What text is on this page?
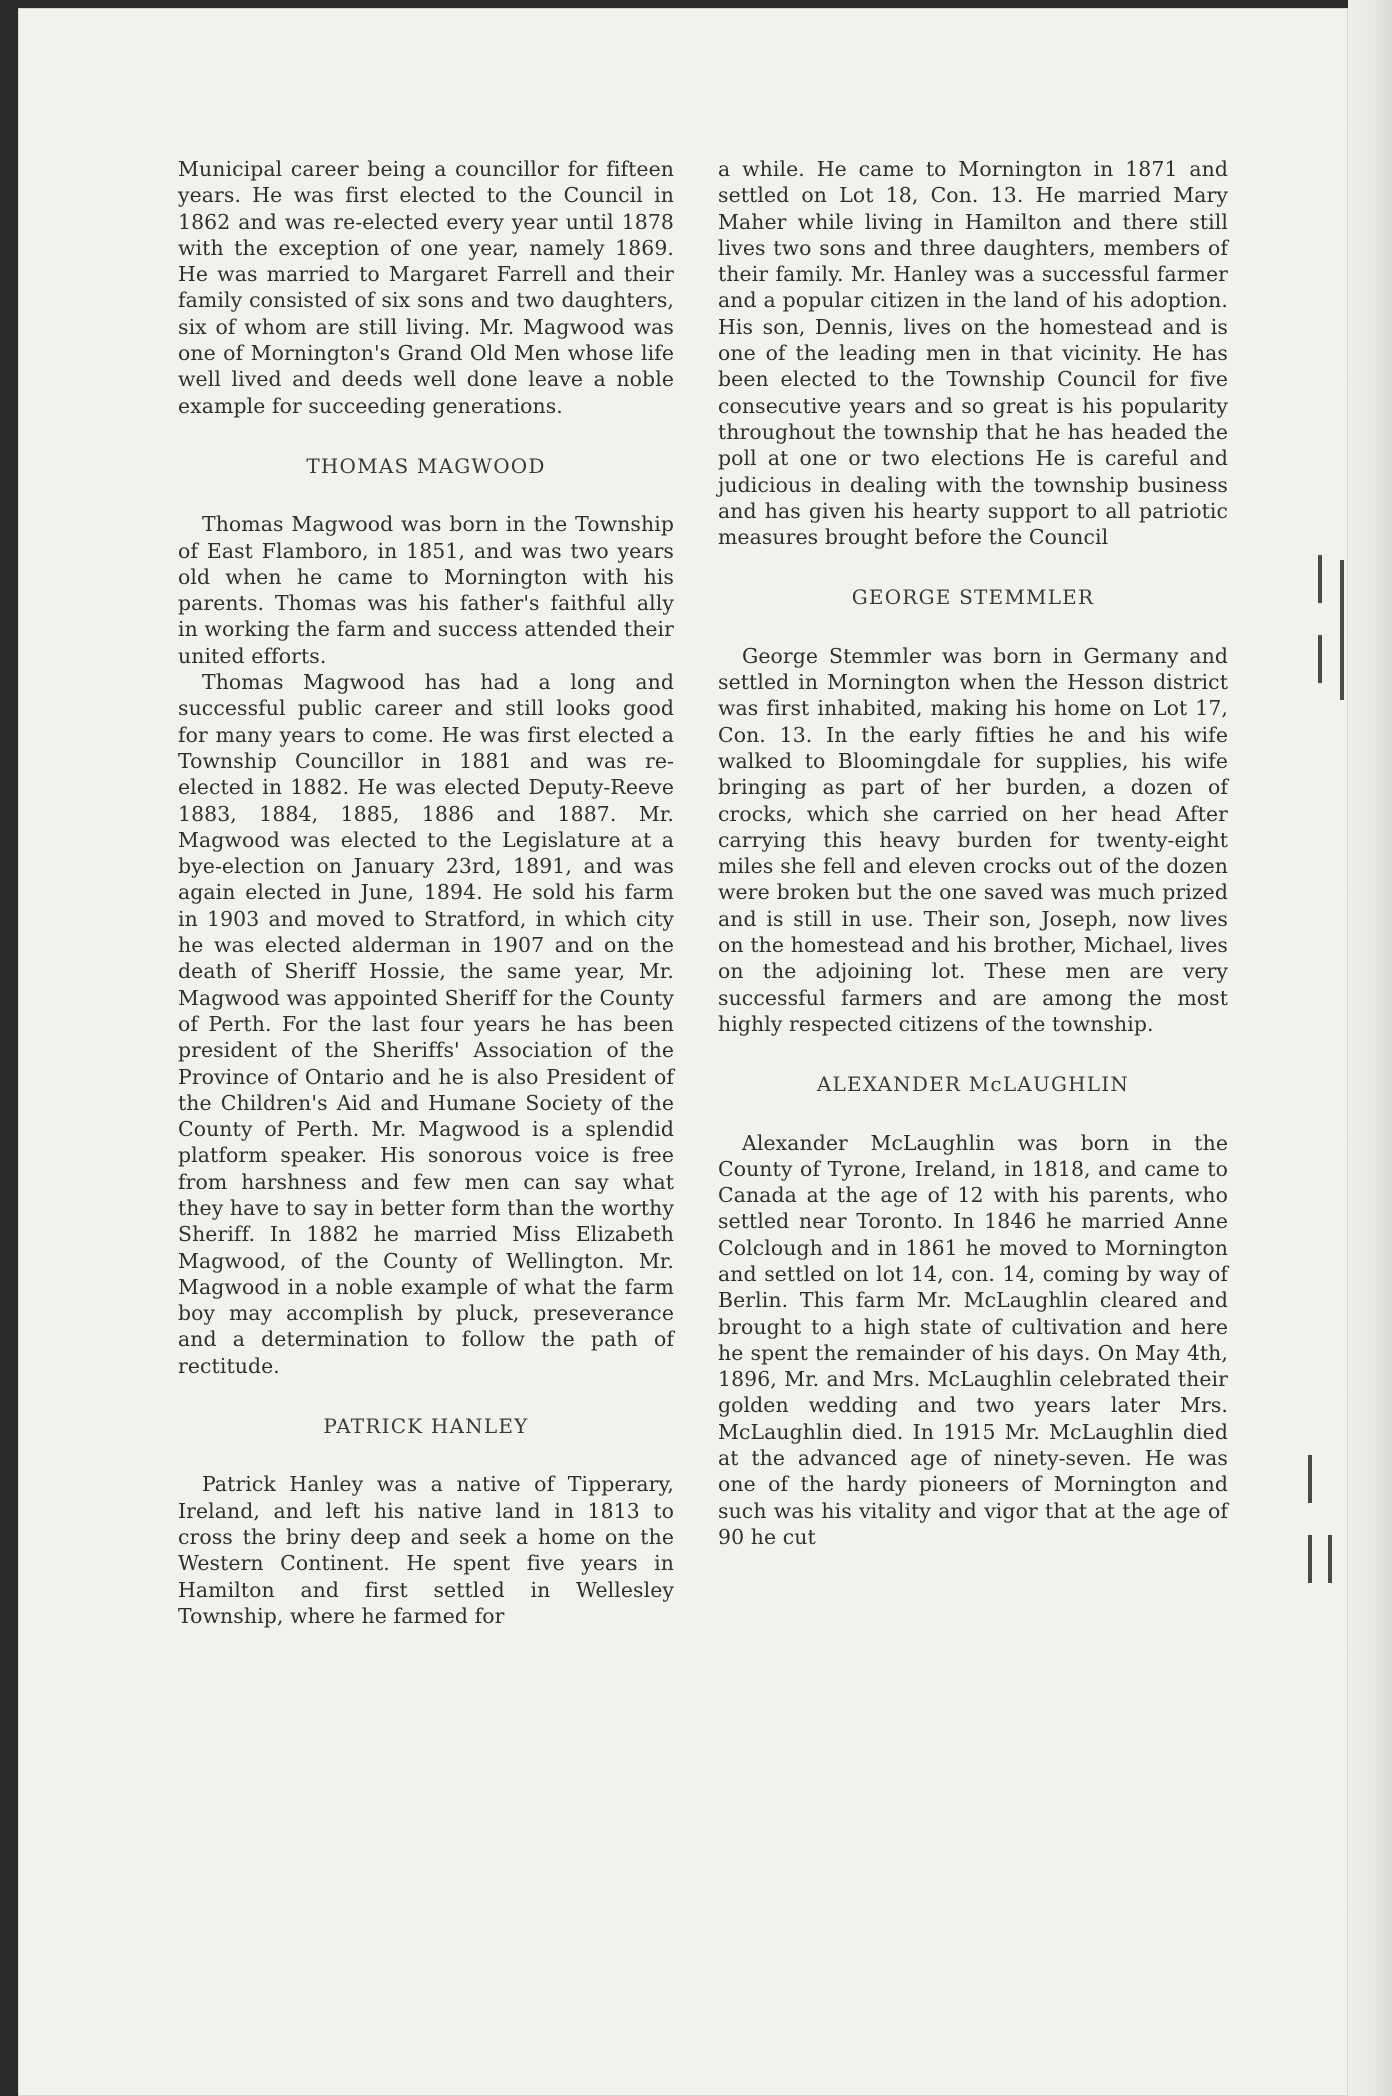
Municipal career being a councillor for fifteen years. He was first elected to the Council in 1862 and was re-elected every year until 1878 with the exception of one year, namely 1869. He was married to Margaret Farrell and their family consisted of six sons and two daughters, six of whom are still living. Mr. Magwood was one of Mornington's Grand Old Men whose life well lived and deeds well done leave a noble example for succeeding generations.

THOMAS MAGWOOD

Thomas Magwood was born in the Township of East Flamboro, in 1851, and was two years old when he came to Mornington with his parents. Thomas was his father's faithful ally in working the farm and success attended their united efforts.

Thomas Magwood has had a long and successful public career and still looks good for many years to come. He was first elected a Township Councillor in 1881 and was re-elected in 1882. He was elected Deputy-Reeve 1883, 1884, 1885, 1886 and 1887. Mr. Magwood was elected to the Legislature at a bye-election on January 23rd, 1891, and was again elected in June, 1894. He sold his farm in 1903 and moved to Stratford, in which city he was elected alderman in 1907 and on the death of Sheriff Hossie, the same year, Mr. Magwood was appointed Sheriff for the County of Perth. For the last four years he has been president of the Sheriffs' Association of the Province of Ontario and he is also President of the Children's Aid and Humane Society of the County of Perth. Mr. Magwood is a splendid platform speaker. His sonorous voice is free from harshness and few men can say what they have to say in better form than the worthy Sheriff. In 1882 he married Miss Elizabeth Magwood, of the County of Wellington. Mr. Magwood in a noble example of what the farm boy may accomplish by pluck, preseverance and a determination to follow the path of rectitude.

PATRICK HANLEY

Patrick Hanley was a native of Tipperary, Ireland, and left his native land in 1813 to cross the briny deep and seek a home on the Western Continent. He spent five years in Hamilton and first settled in Wellesley Township, where he farmed for

a while. He came to Mornington in 1871 and settled on Lot 18, Con. 13. He married Mary Maher while living in Hamilton and there still lives two sons and three daughters, members of their family. Mr. Hanley was a successful farmer and a popular citizen in the land of his adoption. His son, Dennis, lives on the homestead and is one of the leading men in that vicinity. He has been elected to the Township Council for five consecutive years and so great is his popularity throughout the township that he has headed the poll at one or two elections He is careful and judicious in dealing with the township business and has given his hearty support to all patriotic measures brought before the Council

GEORGE STEMMLER

George Stemmler was born in Germany and settled in Mornington when the Hesson district was first inhabited, making his home on Lot 17, Con. 13. In the early fifties he and his wife walked to Bloomingdale for supplies, his wife bringing as part of her burden, a dozen of crocks, which she carried on her head After carrying this heavy burden for twenty-eight miles she fell and eleven crocks out of the dozen were broken but the one saved was much prized and is still in use. Their son, Joseph, now lives on the homestead and his brother, Michael, lives on the adjoining lot. These men are very successful farmers and are among the most highly respected citizens of the township.

ALEXANDER McLAUGHLIN

Alexander McLaughlin was born in the County of Tyrone, Ireland, in 1818, and came to Canada at the age of 12 with his parents, who settled near Toronto. In 1846 he married Anne Colclough and in 1861 he moved to Mornington and settled on lot 14, con. 14, coming by way of Berlin. This farm Mr. McLaughlin cleared and brought to a high state of cultivation and here he spent the remainder of his days. On May 4th, 1896, Mr. and Mrs. McLaughlin celebrated their golden wedding and two years later Mrs. McLaughlin died. In 1915 Mr. McLaughlin died at the advanced age of ninety-seven. He was one of the hardy pioneers of Mornington and such was his vitality and vigor that at the age of 90 he cut
